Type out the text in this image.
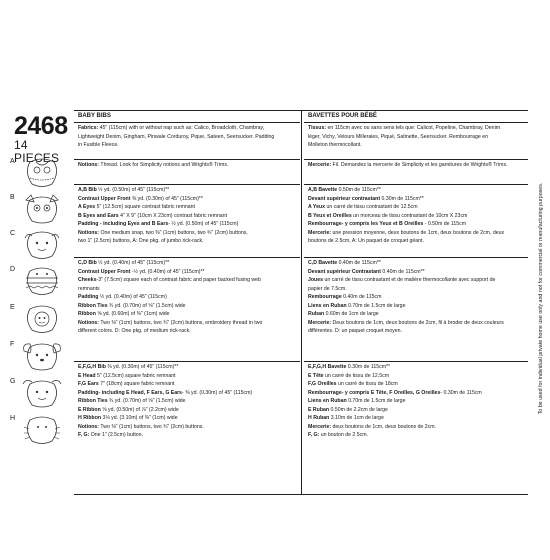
2468
14 PIECES
A
B
C
D
E
F
G
H
BABY BIBS
Fabrics: 45" (115cm) with or without nap such as: Calico, Broadcloth, Chambray,
Lightweight Denim, Gingham, Pinwale Corduroy, Pique, Sateen, Seersucker. Padding
in Fusible Fleece.
Notions: Thread. Look for Simplicity notions and Wrights® Trims.
A,B Bib ½ yd. (0.50m) of 45" (115cm)**
Contrast Upper Front ⅜ yd. (0.30m) of 45" (115cm)**
A Eyes 5" (12.5cm) square contrast fabric remnant
B Eyes and Ears 4" X 9" (10cm X 23cm) contrast fabric remnant
Padding - including Eyes and B Ears- ½ yd. (0.50m) of 45" (115cm)
Notions: One medium snap, two ⅜" (1cm) buttons, two ¾" (2cm) buttons,
two 1" (2.5cm) buttons, A: One pkg. of jumbo rick-rack.
C,D Bib ½ yd. (0.40m) of 45" (115cm)**
Contrast Upper Front -½ yd. (0.40m) of 45" (115cm)**
Cheeks-3" (7.5cm) square each of contrast fabric and paper backed fusing web
remnants
Padding ½ yd. (0.40m) of 45" (115cm)
Ribbon Ties ¾ yd. (0.70m) of ⅝" (1.5cm) wide
Ribbon ⅝ yd. (0.60m) of ⅜" (1cm) wide
Notions: Two ⅜" (1cm) buttons, two ¾" (2cm) buttons, embroidery thread in two
different colors. D: One pkg. of medium rick-rack.
E,F,G,H Bib ⅜ yd. (0.30m) of 45" (115cm)**
E Head 5" (12.5cm) square fabric remnant
F,G Ears 7" (18cm) square fabric remnant
Padding- including E Head, F Ears, G Ears- ⅜ yd. (0.30m) of 45" (115cm)
Ribbon Ties ¾ yd. (0.70m) of ⅝" (1.5cm) wide
E Ribbon ⅝ yd. (0.50m) of ⅞" (2.2cm) wide
H Ribbon 3⅛ yd. (3.10m) of ⅜" (1cm) wide
Notions: Two ⅜" (1cm) buttons, two ¾" (2cm) buttons.
F, G: One 1" (2.5cm) button.
BAVETTES POUR BÉBÉ
Tissus: en 115cm avec ou sans sens tels que: Calicot, Popeline, Chambray, Denim
léger, Vichy, Velours Milleraies, Piqué, Satinette, Seersucker. Rembourrage en
Molleton thermocollant.
Mercerie: Fil. Demandez la mercerie de Simplicity et les garnitures de Wrights® Trims.
A,B Bavette 0.50m de 115cm**
Devant supérieur contrastant 0.30m de 115cm**
A Yeux un carré de tissu contrastant de 12.5cm
B Yeux et Oreilles un morceau de tissu contrastant de 10cm X 23cm
Rembourrage- y compris les Yeux et B Oreilles - 0.50m de 115cm
Mercerie: une pression moyenne, deux boutons de 1cm, deux boutons de 2cm, deux
boutons de 2.5cm, A: Un paquet de croquet géant.
C,D Bavette 0.40m de 115cm**
Devant supérieur Contrastant 0.40m de 115cm**
Joues un carré de tissu contrastant et de matière thermocollante avec support de
papier de 7.5cm.
Rembourrage 0.40m de 115cm
Liens en Ruban 0.70m de 1.5cm de large
Ruban 0.60m de 1cm de large
Mercerie: Deux boutons de 1cm, deux boutons de 2cm, fil à broder de deux couleurs
différentes. D: un paquet croquet moyen.
E,F,G,H Bavette 0.30m de 115cm**
E Tête un carré de tissu de 12.5cm
F,G Oreilles un carré de tissu de 18cm
Rembourrage- y compris E Tête, F Oreilles, G Oreilles- 0.30m de 115cm
Liens en Ruban 0.70m de 1.5cm de large
E Ruban 0.50m de 2.2cm de large
H Ruban 3.10m de 1cm de large
Mercerie: deux boutons de 1cm, deux boutons de 2cm.
F, G: un bouton de 2.5cm.
To be used for individual private home use only and not for commercial or manufacturing purposes.
